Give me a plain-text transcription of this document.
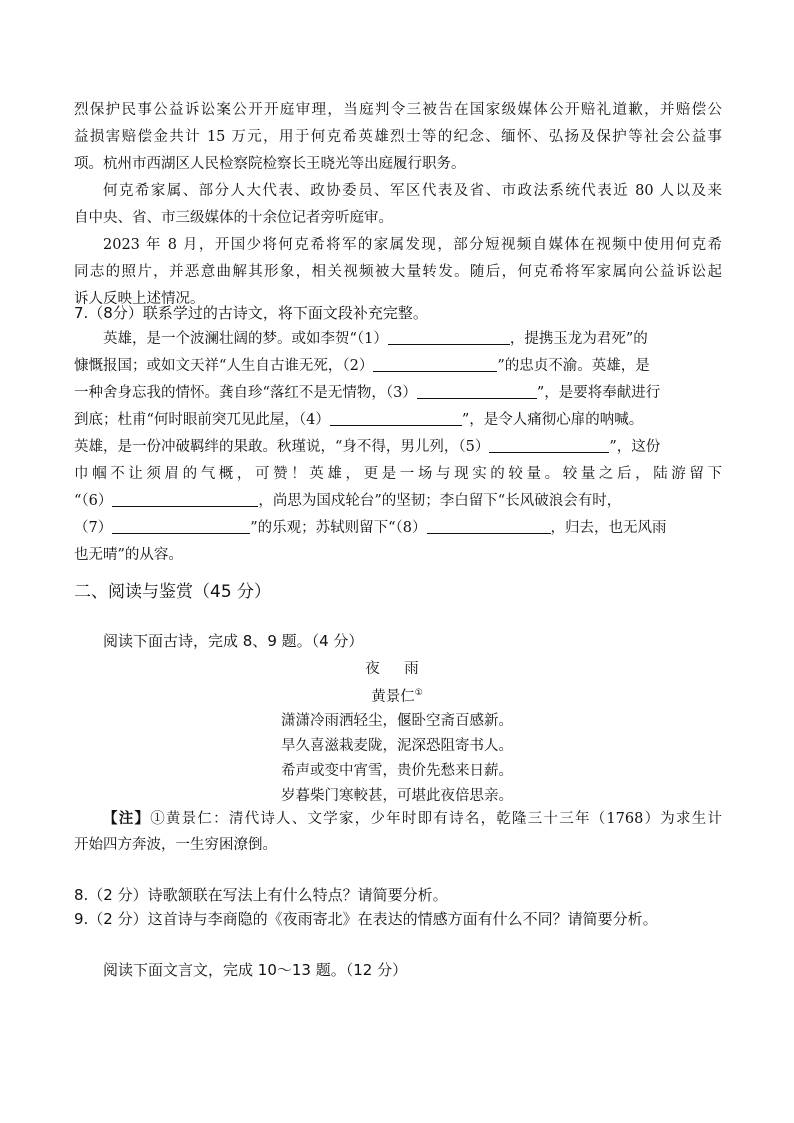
烈保护民事公益诉讼案公开开庭审理，当庭判令三被告在国家级媒体公开赔礼道歉，并赔偿公
益损害赔偿金共计 15 万元，用于何克希英雄烈士等的纪念、缅怀、弘扬及保护等社会公益事
项。杭州市西湖区人民检察院检察长王晓光等出庭履行职务。
何克希家属、部分人大代表、政协委员、军区代表及省、市政法系统代表近 80 人以及来
自中央、省、市三级媒体的十余位记者旁听庭审。
2023 年 8 月，开国少将何克希将军的家属发现，部分短视频自媒体在视频中使用何克希
同志的照片，并恶意曲解其形象，相关视频被大量转发。随后，何克希将军家属向公益诉讼起
诉人反映上述情况。
7.（8分）联系学过的古诗文，将下面文段补充完整。
英雄，是一个波澜壮阔的梦。或如李贺“（1）	，提携玉龙为君死”的
慷慨报国；或如文天祥“人生自古谁无死，（2）	”的忠贞不渝。英雄，是
一种舍身忘我的情怀。龚自珍“落红不是无情物，（3）	”，是要将奉献进行
到底；杜甫“何时眼前突兀见此屋，（4）	”，是令人痛彻心扉的呐喊。
英雄，是一份冲破羁绊的果敢。秋瑾说，“身不得，男儿列，（5）	”，这份
巾帼不让须眉的气概，可赞！英雄，更是一场与现实的较量。较量之后，陆游留下
“（6）	，尚思为国戍轮台”的坚韧；李白留下“长风破浪会有时，
（7）	”的乐观；苏轼则留下“（8）	，归去，也无风雨
也无晴”的从容。
二、阅读与鉴赏（45 分）
阅读下面古诗，完成 8、9 题。（4 分）
夜 雨
黄景仁①
潇潇冷雨洒轻尘，偃卧空斋百感新。
旱久喜滋栽麦陇，泥深恐阻寄书人。
希声或变中宵雪，贵价先愁来日薪。
岁暮柴门寒較甚，可堪此夜倍思亲。
【注】①黄景仁：清代诗人、文学家，少年时即有诗名，乾隆三十三年（1768）为求生计
开始四方奔波，一生穷困潦倒。
8.（2 分）诗歌颔联在写法上有什么特点？请简要分析。
9.（2 分）这首诗与李商隐的《夜雨寄北》在表达的情感方面有什么不同？请简要分析。
阅读下面文言文，完成 10～13 题。（12 分）
